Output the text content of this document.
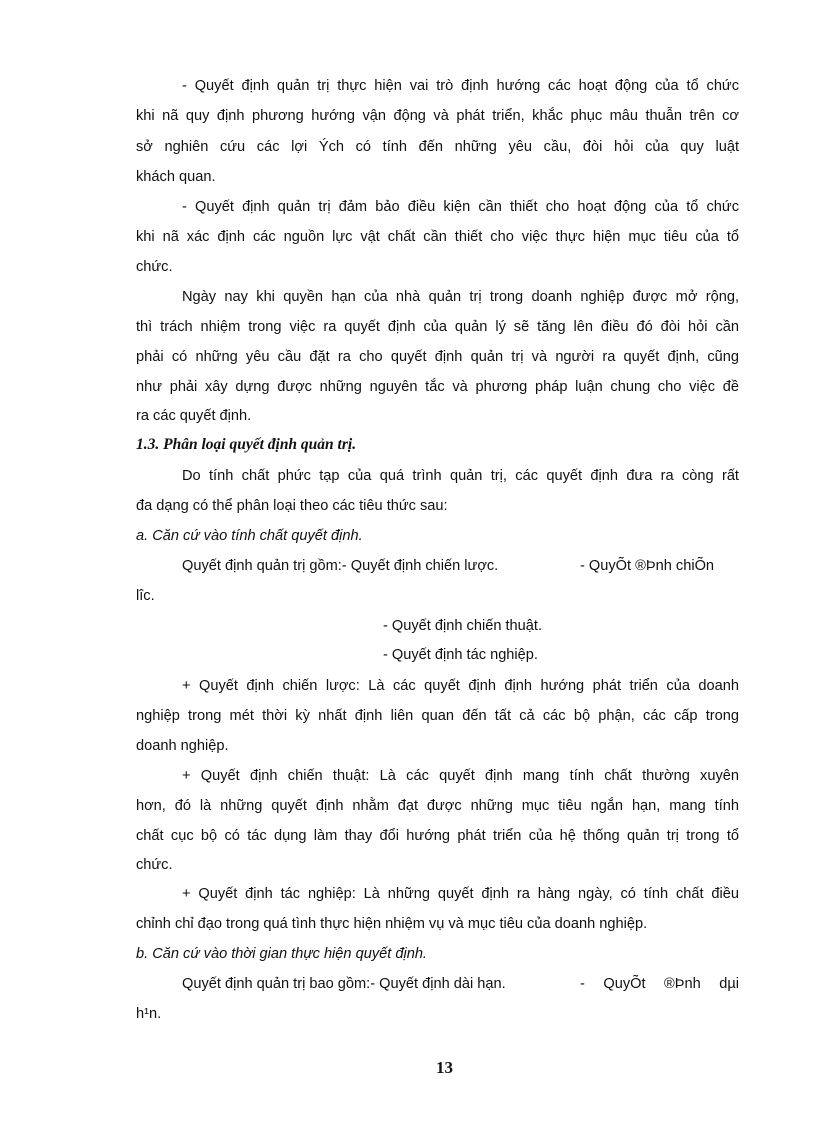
- Quyết định quản trị thực hiện vai trò định hướng các hoạt động của tổ chức
khi nã quy định phương hướng vận động và phát triển, khắc phục mâu thuẫn trên cơ
sở nghiên cứu các lợi Ých có tính đến những yêu cầu, đòi hỏi của quy luật
khách quan.
- Quyết định quản trị đảm bảo điều kiện cần thiết cho hoạt động của tổ chức
khi nã xác định các nguồn lực vật chất cần thiết cho việc thực hiện mục tiêu của tổ
chức.
Ngày nay khi quyền hạn của nhà quản trị trong doanh nghiệp được mở rộng,
thì trách nhiệm trong việc ra quyết định của quản lý sẽ tăng lên điều đó đòi hỏi cần
phải có những yêu cầu đặt ra cho quyết định quản trị và người ra quyết định, cũng
như phải xây dựng được những nguyên tắc và phương pháp luận chung cho việc đề
ra các quyết định.
1.3. Phân loại quyết định quản trị.
Do tính chất phức tạp của quá trình quản trị, các quyết định đưa ra còng rất
đa dạng có thể phân loại theo các tiêu thức sau:
a. Căn cứ vào tính chất quyết định.
Quyết định quản trị gồm:- Quyết định chiến lược.	- QuyÕt ®Þnh chiÕn
lîc.
- Quyết định chiến thuật.
- Quyết định tác nghiệp.
+ Quyết định chiến lược: Là các quyết định định hướng phát triển của doanh
nghiệp trong mét thời kỳ nhất định liên quan đến tất cả các bộ phận, các cấp trong
doanh nghiệp.
+ Quyết định chiến thuật: Là các quyết định mang tính chất thường xuyên
hơn, đó là những quyết định nhằm đạt được những mục tiêu ngắn hạn, mang tính
chất cục bộ có tác dụng làm thay đổi hướng phát triển của hệ thống quản trị trong tổ
chức.
+ Quyết định tác nghiệp: Là những quyết định ra hàng ngày, có tính chất điều
chỉnh chỉ đạo trong quá tình thực hiện nhiệm vụ và mục tiêu của doanh nghiệp.
b. Căn cứ vào thời gian thực hiện quyết định.
Quyết định quản trị bao gồm:- Quyết định dài hạn.	- QuyÕt ®Þnh dµi
h¹n.
13
